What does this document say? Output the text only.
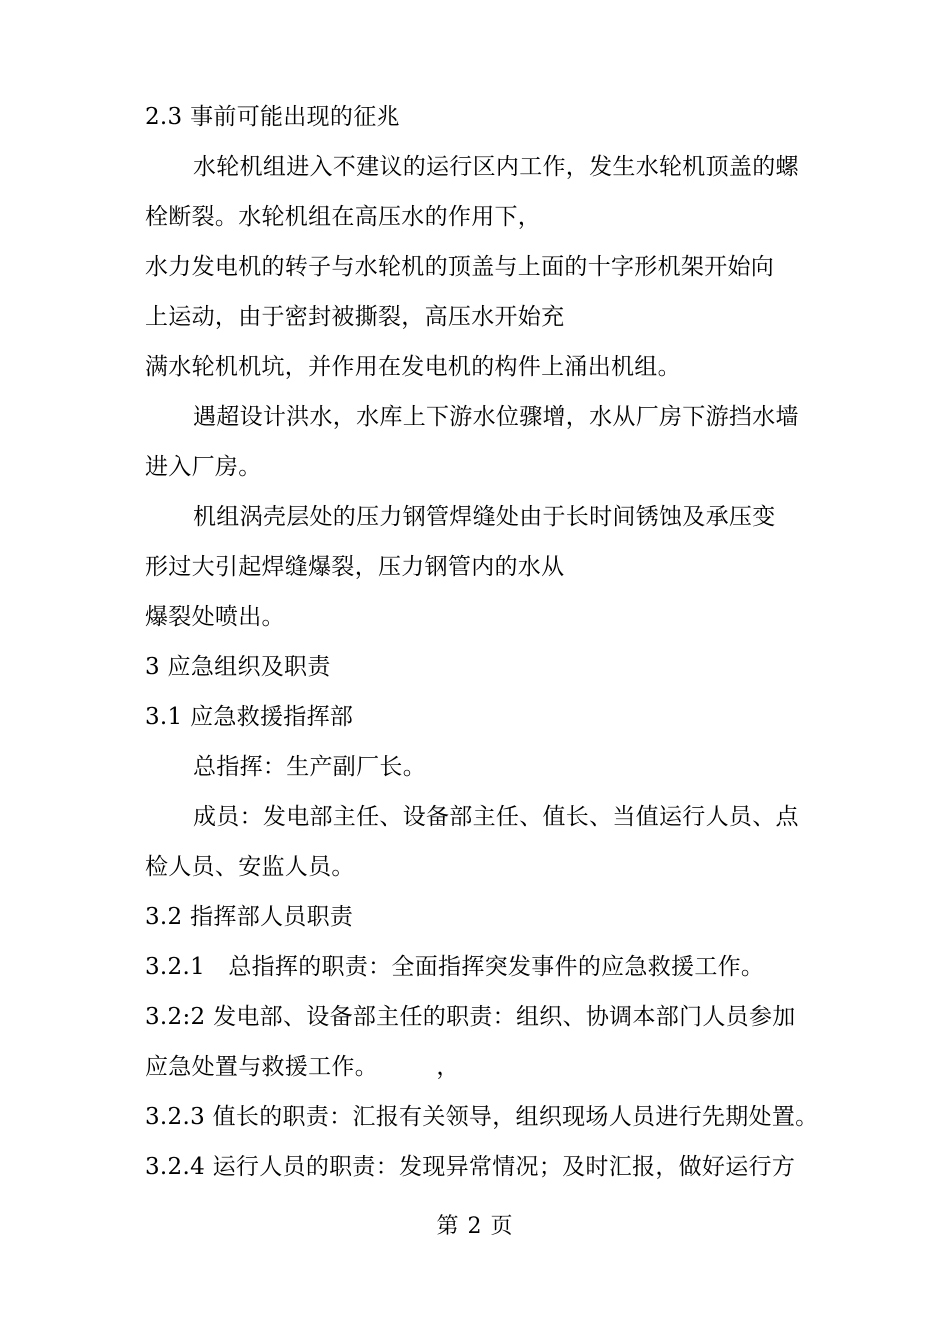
2.3 事前可能出现的征兆
水轮机组进入不建议的运行区内工作，发生水轮机顶盖的螺
栓断裂。水轮机组在高压水的作用下，
水力发电机的转子与水轮机的顶盖与上面的十字形机架开始向
上运动，由于密封被撕裂，高压水开始充
满水轮机机坑，并作用在发电机的构件上涌出机组。
遇超设计洪水，水库上下游水位骤增，水从厂房下游挡水墙
进入厂房。
机组涡壳层处的压力钢管焊缝处由于长时间锈蚀及承压变
形过大引起焊缝爆裂，压力钢管内的水从
爆裂处喷出。
3 应急组织及职责
3.1 应急救援指挥部
总指挥：生产副厂长。
成员：发电部主任、设备部主任、值长、当值运行人员、点
检人员、安监人员。
3.2 指挥部人员职责
3.2.1　总指挥的职责：全面指挥突发事件的应急救援工作。
3.2:2 发电部、设备部主任的职责：组织、协调本部门人员参加
应急处置与救援工作。　　　，
3.2.3 值长的职责：汇报有关领导，组织现场人员进行先期处置。
3.2.4 运行人员的职责：发现异常情况；及时汇报，做好运行方
第 2 页
